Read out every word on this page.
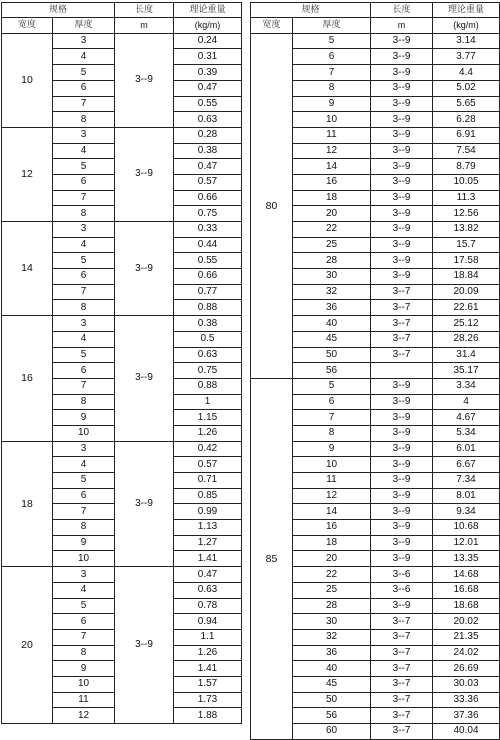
规格		长度	理论重量
宽度	厚度	m	(kg/m)
10	3	3--9	0.24
	4		0.31
	5		0.39
	6		0.47
	7		0.55
	8		0.63
12	3	3--9	0.28
	4		0.38
	5		0.47
	6		0.57
	7		0.66
	8		0.75
14	3	3--9	0.33
	4		0.44
	5		0.55
	6		0.66
	7		0.77
	8		0.88
16	3	3--9	0.38
	4		0.5
	5		0.63
	6		0.75
	7		0.88
	8		1
	9		1.15
	10		1.26
18	3	3--9	0.42
	4		0.57
	5		0.71
	6		0.85
	7		0.99
	8		1.13
	9		1.27
	10		1.41
20	3	3--9	0.47
	4		0.63
	5		0.78
	6		0.94
	7		1.1
	8		1.26
	9		1.41
	10		1.57
	11		1.73
	12		1.88
规格		长度	理论重量
宽度	厚度	m	(kg/m)
80	5	3--9	3.14
	6	3--9	3.77
	7	3--9	4.4
	8	3--9	5.02
	9	3--9	5.65
	10	3--9	6.28
	11	3--9	6.91
	12	3--9	7.54
	14	3--9	8.79
	16	3--9	10.05
	18	3--9	11.3
	20	3--9	12.56
	22	3--9	13.82
	25	3--9	15.7
	28	3--9	17.58
	30	3--9	18.84
	32	3--7	20.09
	36	3--7	22.61
	40	3--7	25.12
	45	3--7	28.26
	50	3--7	31.4
	56		35.17
85	5	3--9	3.34
	6	3--9	4
	7	3--9	4.67
	8	3--9	5.34
	9	3--9	6.01
	10	3--9	6.67
	11	3--9	7.34
	12	3--9	8.01
	14	3--9	9.34
	16	3--9	10.68
	18	3--9	12.01
	20	3--9	13.35
	22	3--6	14.68
	25	3--6	16.68
	28	3--9	18.68
	30	3--7	20.02
	32	3--7	21.35
	36	3--7	24.02
	40	3--7	26.69
	45	3--7	30.03
	50	3--7	33.36
	56	3--7	37.36
	60	3--7	40.04
